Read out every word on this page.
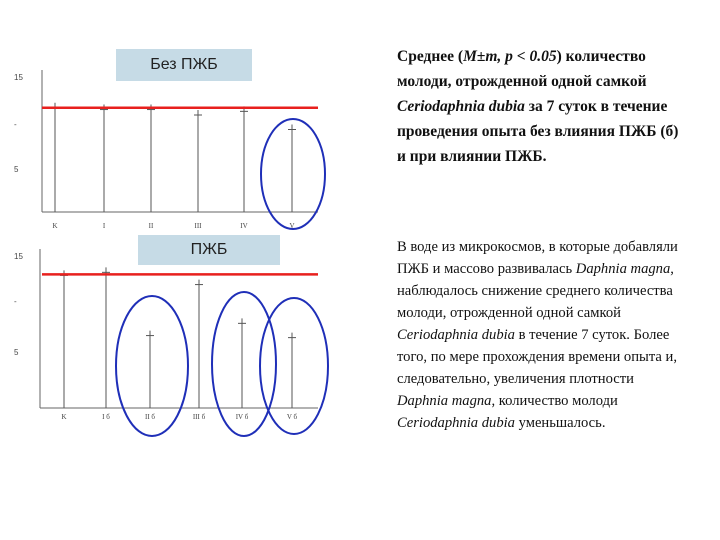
15
-
5
K	I	II	III	IV	V
15
-
5
K	I б	II б	III б	IV б	V б
Без ПЖБ
ПЖБ
Среднее (M±m, p < 0.05) количество молоди, отрожденной одной самкой Ceriodaphnia dubia за 7 суток в течение проведения опыта без влияния ПЖБ (б) и при влиянии ПЖБ.
В воде из микрокосмов, в которые добавляли ПЖБ и массово развивалась Daphnia magna, наблюдалось снижение среднего количества молоди, отрожденной одной самкой Ceriodaphnia dubia в течение 7 суток. Более того, по мере прохождения времени опыта и, следовательно, увеличения плотности Daphnia magna, количество молоди Ceriodaphnia dubia уменьшалось.
